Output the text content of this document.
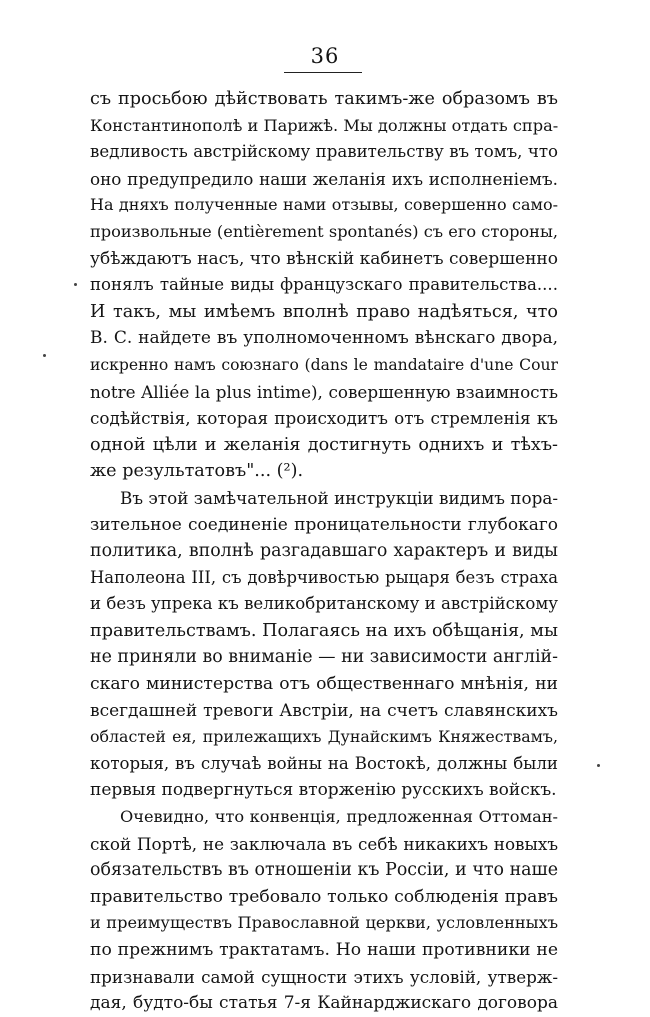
36
съ просьбою дѣйствовать такимъ-же образомъ въ
Константинополѣ и Парижѣ. Мы должны отдать спра-
ведливость австрійскому правительству въ томъ, что
оно предупредило наши желанія ихъ исполненіемъ.
На дняхъ полученные нами отзывы, совершенно само-
произвольные (entièrement spontanés) съ его стороны,
убѣждаютъ насъ, что вѣнскій кабинетъ совершенно
понялъ тайные виды французскаго правительства....
И такъ, мы имѣемъ вполнѣ право надѣяться, что
В. С. найдете въ уполномоченномъ вѣнскаго двора,
искренно намъ союзнаго (dans le mandataire d'une Cour
notre Alliée la plus intime), совершенную взаимность
содѣйствія, которая происходитъ отъ стремленія къ
одной цѣли и желанія достигнуть однихъ и тѣхъ-
же результатовъ"... (²).
Въ этой замѣчательной инструкціи видимъ пора-
зительное соединеніе проницательности глубокаго
политика, вполнѣ разгадавшаго характеръ и виды
Наполеона III, съ довѣрчивостью рыцаря безъ страха
и безъ упрека къ великобританскому и австрійскому
правительствамъ. Полагаясь на ихъ обѣщанія, мы
не приняли во вниманіе — ни зависимости англій-
скаго министерства отъ общественнаго мнѣнія, ни
всегдашней тревоги Австріи, на счетъ славянскихъ
областей ея, прилежащихъ Дунайскимъ Княжествамъ,
которыя, въ случаѣ войны на Востокѣ, должны были
первыя подвергнуться вторженію русскихъ войскъ.
Очевидно, что конвенція, предложенная Оттоман-
ской Портѣ, не заключала въ себѣ никакихъ новыхъ
обязательствъ въ отношеніи къ Россіи, и что наше
правительство требовало только соблюденія правъ
и преимуществъ Православной церкви, условленныхъ
по прежнимъ трактатамъ. Но наши противники не
признавали самой сущности этихъ условій, утверж-
дая, будто-бы статья 7-я Кайнарджискаго договора
